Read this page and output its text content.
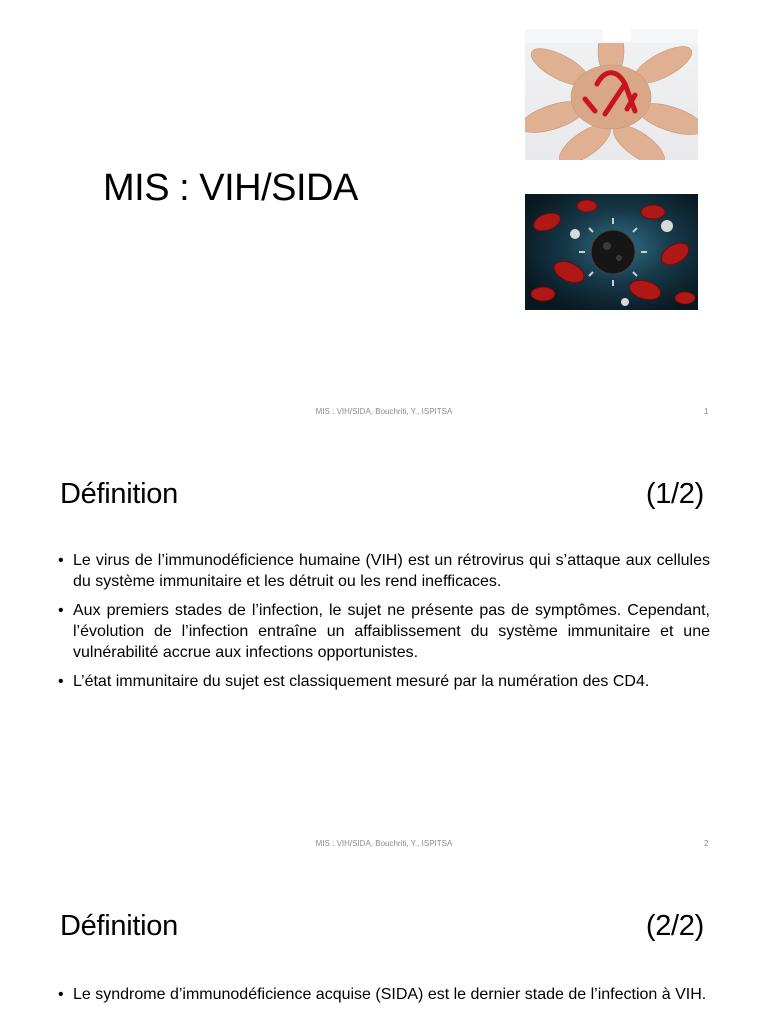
MIS : VIH/SIDA
MIS : VIH/SIDA, Bouchriti, Y., ISPITSA	1
Définition	(1/2)
• Le virus de l’immunodéficience humaine (VIH) est un rétrovirus qui s’attaque aux cellules du système immunitaire et les détruit ou les rend inefficaces.
• Aux premiers stades de l’infection, le sujet ne présente pas de symptômes. Cependant, l’évolution de l’infection entraîne un affaiblissement du système immunitaire et une vulnérabilité accrue aux infections opportunistes.
• L’état immunitaire du sujet est classiquement mesuré par la numération des CD4.
MIS : VIH/SIDA, Bouchriti, Y., ISPITSA	2
Définition	(2/2)
• Le syndrome d’immunodéficience acquise (SIDA) est le dernier stade de l’infection à VIH.
